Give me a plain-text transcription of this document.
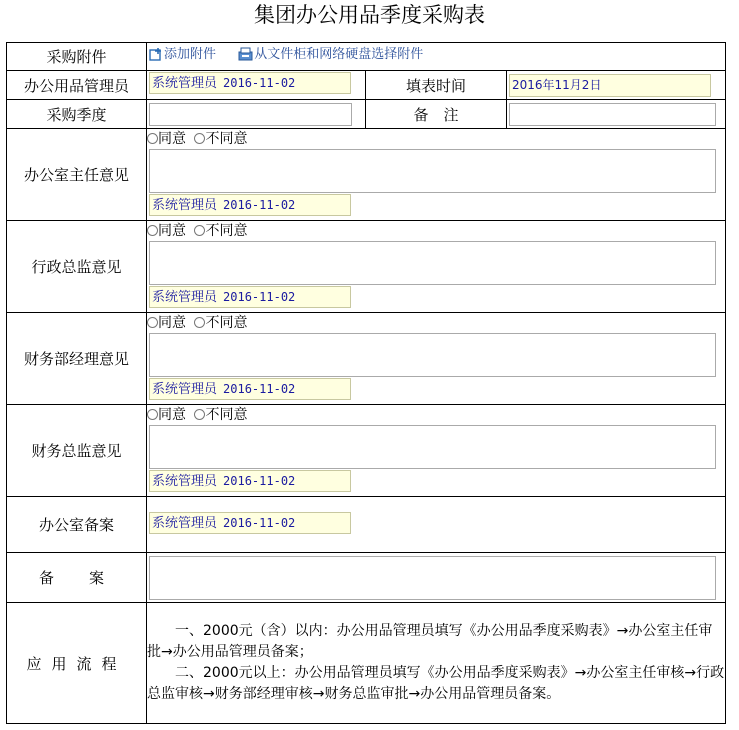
集团办公用品季度采购表
采购附件	添加附件 从文件柜和网络硬盘选择附件		

办公用品管理员	系统管理员 2016-11-02	填表时间	2016年11月2日

采购季度		备　注	

办公室主任意见	同意 不同意
系统管理员 2016-11-02		
行政总监意见	同意 不同意
系统管理员 2016-11-02		
财务部经理意见	同意 不同意
系统管理员 2016-11-02		
财务总监意见	同意 不同意
系统管理员 2016-11-02		
办公室备案	系统管理员 2016-11-02		
备　案			

应用流程	一、2000元（含）以内：办公用品管理员填写《办公用品季度采购表》→办公室主任审批→办公用品管理员备案；

二、2000元以上：办公用品管理员填写《办公用品季度采购表》→办公室主任审核→行政总监审核→财务部经理审核→财务总监审批→办公用品管理员备案。		
